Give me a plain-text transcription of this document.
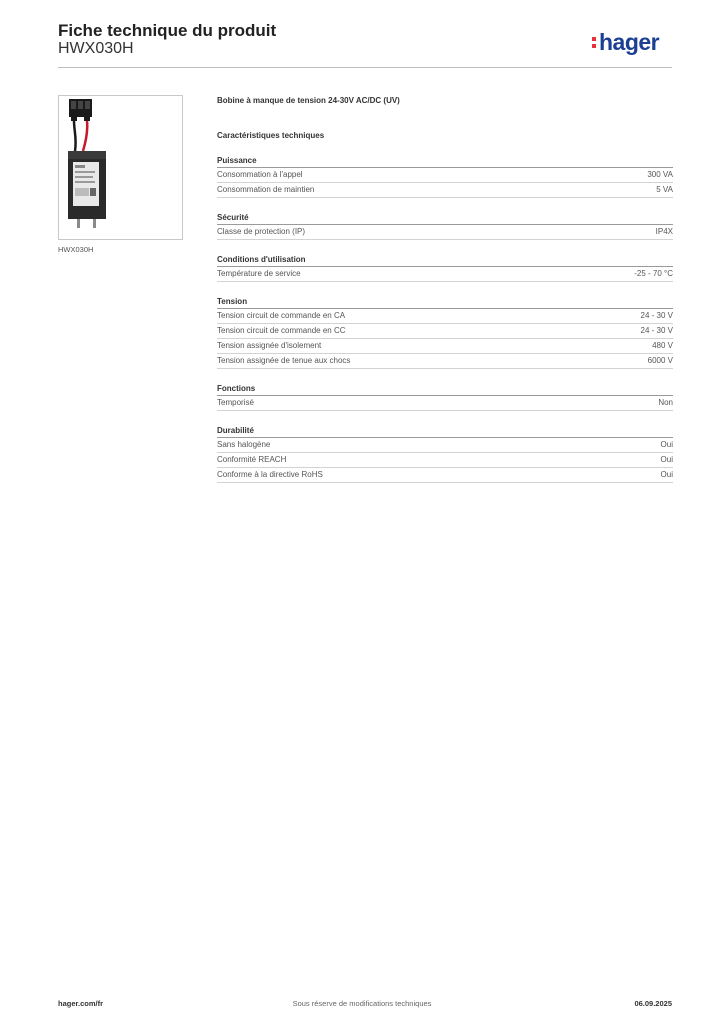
Fiche technique du produit
HWX030H	hager
HWX030H
Bobine à manque de tension 24-30V AC/DC (UV)
Caractéristiques techniques
Puissance
Consommation à l'appel	300 VA
Consommation de maintien	5 VA
Sécurité
Classe de protection (IP)	IP4X
Conditions d'utilisation
Température de service	-25 - 70 °C
Tension
Tension circuit de commande en CA	24 - 30 V
Tension circuit de commande en CC	24 - 30 V
Tension assignée d'isolement	480 V
Tension assignée de tenue aux chocs	6000 V
Fonctions
Temporisé	Non
Durabilité
Sans halogène	Oui
Conformité REACH	Oui
Conforme à la directive RoHS	Oui
hager.com/fr	Sous réserve de modifications techniques	06.09.2025
